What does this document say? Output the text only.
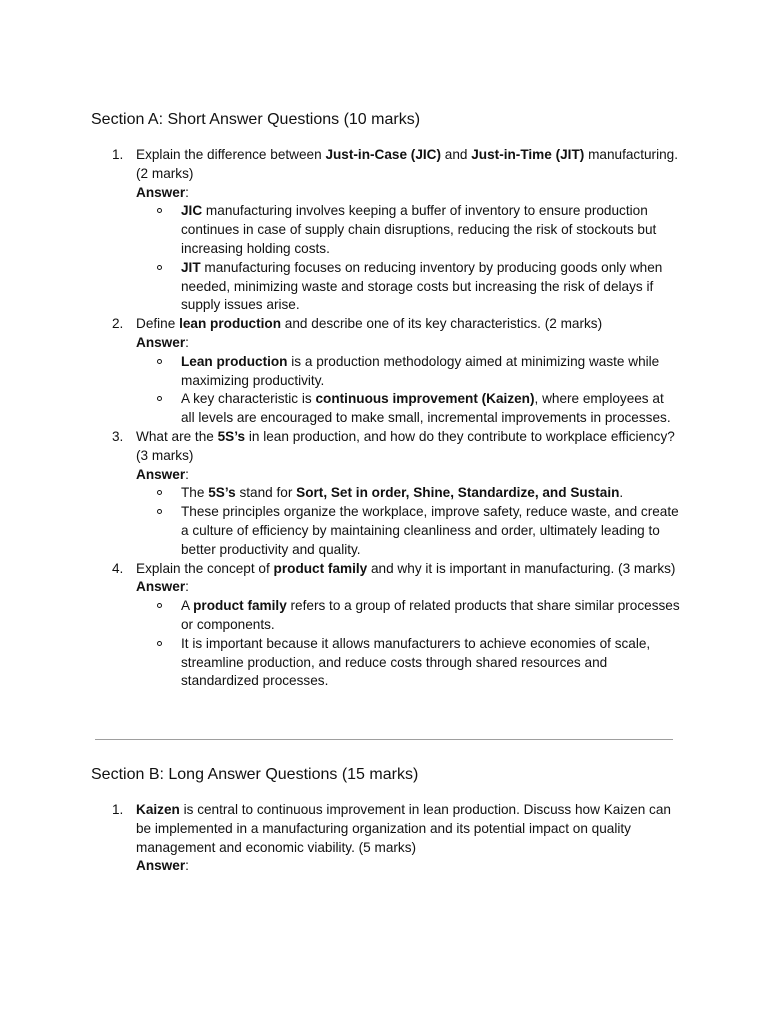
Section A: Short Answer Questions (10 marks)
1. Explain the difference between Just-in-Case (JIC) and Just-in-Time (JIT) manufacturing. (2 marks)
Answer:
JIC manufacturing involves keeping a buffer of inventory to ensure production continues in case of supply chain disruptions, reducing the risk of stockouts but increasing holding costs.
JIT manufacturing focuses on reducing inventory by producing goods only when needed, minimizing waste and storage costs but increasing the risk of delays if supply issues arise.
2. Define lean production and describe one of its key characteristics. (2 marks)
Answer:
Lean production is a production methodology aimed at minimizing waste while maximizing productivity.
A key characteristic is continuous improvement (Kaizen), where employees at all levels are encouraged to make small, incremental improvements in processes.
3. What are the 5S’s in lean production, and how do they contribute to workplace efficiency? (3 marks)
Answer:
The 5S’s stand for Sort, Set in order, Shine, Standardize, and Sustain.
These principles organize the workplace, improve safety, reduce waste, and create a culture of efficiency by maintaining cleanliness and order, ultimately leading to better productivity and quality.
4. Explain the concept of product family and why it is important in manufacturing. (3 marks)
Answer:
A product family refers to a group of related products that share similar processes or components.
It is important because it allows manufacturers to achieve economies of scale, streamline production, and reduce costs through shared resources and standardized processes.
Section B: Long Answer Questions (15 marks)
1. Kaizen is central to continuous improvement in lean production. Discuss how Kaizen can be implemented in a manufacturing organization and its potential impact on quality management and economic viability. (5 marks)
Answer:
